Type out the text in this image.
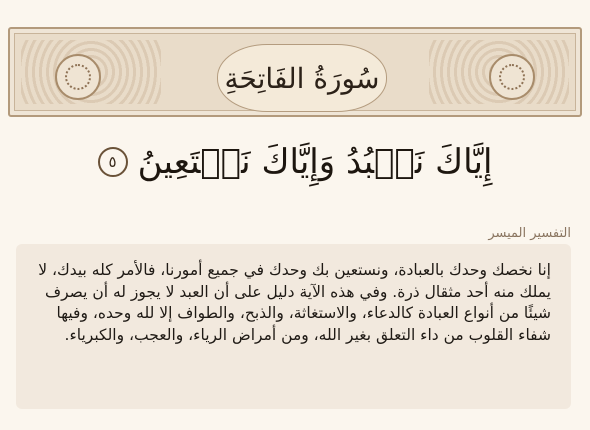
سُورَةُ الفَاتِحَةِ
إِيَّاكَ نَعۡبُدُ وَإِيَّاكَ نَسۡتَعِينُ
٥
التفسير الميسر

إنا نخصك وحدك بالعبادة، ونستعين بك وحدك في جميع أمورنا، فالأمر كله بيدك، لا يملك منه أحد مثقال ذرة. وفي هذه الآية دليل على أن العبد لا يجوز له أن يصرف شيئًا من أنواع العبادة كالدعاء، والاستغاثة، والذبح، والطواف إلا لله وحده، وفيها شفاء القلوب من داء التعلق بغير الله، ومن أمراض الرياء، والعجب، والكبرياء.
